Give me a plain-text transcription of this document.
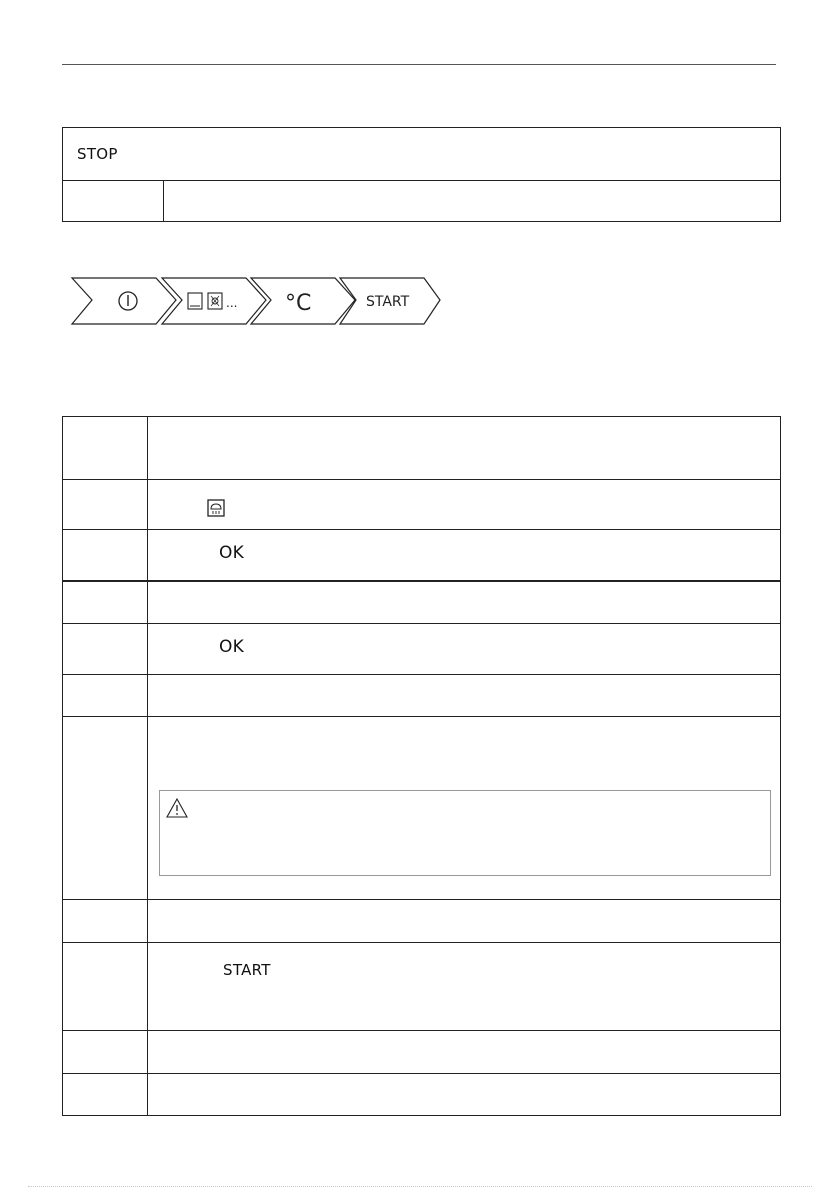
STOP
... °C	START
OK
OK
START
